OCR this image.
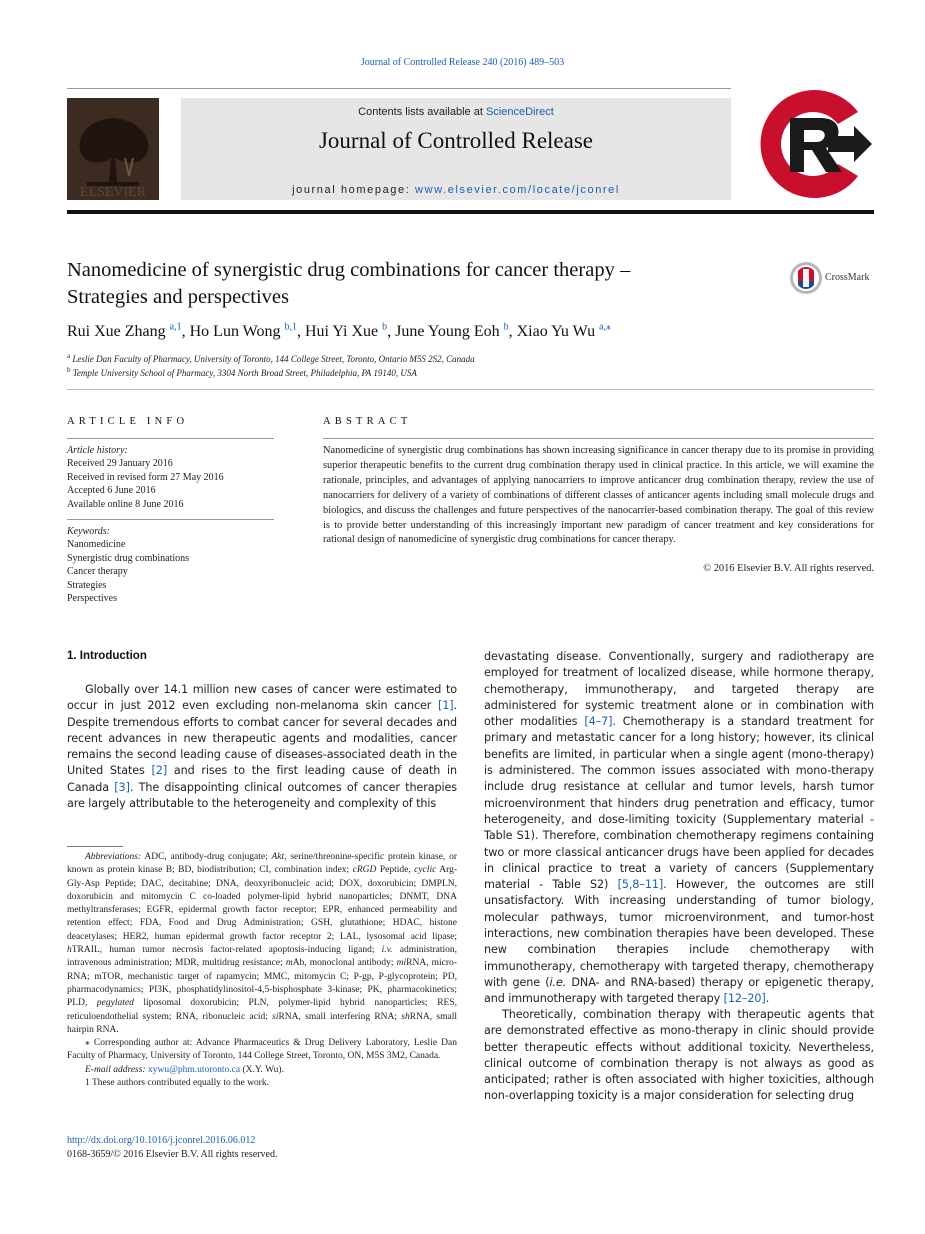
Journal of Controlled Release 240 (2016) 489–503
ELSEVIER
Contents lists available at ScienceDirect
Journal of Controlled Release
journal homepage: www.elsevier.com/locate/jconrel
Nanomedicine of synergistic drug combinations for cancer therapy –
Strategies and perspectives
CrossMark
Rui Xue Zhang $^{a,1}$, Ho Lun Wong $^{b,1}$, Hui Yi Xue $^b$, June Young Eoh $^b$, Xiao Yu Wu $^{a,⁎}$
$^a$ Leslie Dan Faculty of Pharmacy, University of Toronto, 144 College Street, Toronto, Ontario M5S 2S2, Canada
$^b$ Temple University School of Pharmacy, 3304 North Broad Street, Philadelphia, PA 19140, USA
ARTICLE INFO
Article history:
Received 29 January 2016
Received in revised form 27 May 2016
Accepted 6 June 2016
Available online 8 June 2016
Keywords:
Nanomedicine
Synergistic drug combinations
Cancer therapy
Strategies
Perspectives
ABSTRACT
Nanomedicine of synergistic drug combinations has shown increasing significance in cancer therapy due to its promise in providing superior therapeutic benefits to the current drug combination therapy used in clinical practice. In this article, we will examine the rationale, principles, and advantages of applying nanocarriers to improve anticancer drug combination therapy, review the use of nanocarriers for delivery of a variety of combinations of different classes of anticancer agents including small molecule drugs and biologics, and discuss the challenges and future perspectives of the nanocarrier-based combination therapy. The goal of this review is to provide better understanding of this increasingly important new paradigm of cancer treatment and key considerations for rational design of nanomedicine of synergistic drug combinations for cancer therapy.
© 2016 Elsevier B.V. All rights reserved.
1. Introduction
Globally over 14.1 million new cases of cancer were estimated to occur in just 2012 even excluding non-melanoma skin cancer [1]. Despite tremendous efforts to combat cancer for several decades and recent advances in new therapeutic agents and modalities, cancer remains the second leading cause of diseases-associated death in the United States [2] and rises to the first leading cause of death in Canada [3]. The disappointing clinical outcomes of cancer therapies are largely attributable to the heterogeneity and complexity of this

Abbreviations: ADC, antibody-drug conjugate; Akt, serine/threonine-specific protein kinase, or known as protein kinase B; BD, biodistribution; CI, combination index; cRGD Peptide, cyclic Arg-Gly-Asp Peptide; DAC, decitabine; DNA, deoxyribonucleic acid; DOX, doxorubicin; DMPLN, doxorubicin and mitomycin C co-loaded polymer-lipid hybrid nanoparticles; DNMT, DNA methyltransferases; EGFR, epidermal growth factor receptor; EPR, enhanced permeability and retention effect; FDA, Food and Drug Administration; GSH, glutathione; HDAC, histone deacetylases; HER2, human epidermal growth factor receptor 2; LAL, lysosomal acid lipase; hTRAIL, human tumor necrosis factor-related apoptosis-inducing ligand; i.v. administration, intravenous administration; MDR, multidrug resistance; mAb, monoclonal antibody; miRNA, micro-RNA; mTOR, mechanistic target of rapamycin; MMC, mitomycin C; P-gp, P-glycoprotein; PD, pharmacodynamics; PI3K, phosphatidylinositol-4,5-bisphosphate 3-kinase; PK, pharmacokinetics; PLD, pegylated liposomal doxorubicin; PLN, polymer-lipid hybrid nanoparticles; RES, reticuloendothelial system; RNA, ribonucleic acid; siRNA, small interfering RNA; shRNA, small hairpin RNA.

⁎ Corresponding author at: Advance Pharmaceutics & Drug Delivery Laboratory, Leslie Dan Faculty of Pharmacy, University of Toronto, 144 College Street, Toronto, ON, M5S 3M2, Canada.

E-mail address: xywu@phm.utoronto.ca (X.Y. Wu).

1 These authors contributed equally to the work.

devastating disease. Conventionally, surgery and radiotherapy are employed for treatment of localized disease, while hormone therapy, chemotherapy, immunotherapy, and targeted therapy are administered for systemic treatment alone or in combination with other modalities [4–7]. Chemotherapy is a standard treatment for primary and metastatic cancer for a long history; however, its clinical benefits are limited, in particular when a single agent (mono-therapy) is administered. The common issues associated with mono-therapy include drug resistance at cellular and tumor levels, harsh tumor microenvironment that hinders drug penetration and efficacy, tumor heterogeneity, and dose-limiting toxicity (Supplementary material - Table S1). Therefore, combination chemotherapy regimens containing two or more classical anticancer drugs have been applied for decades in clinical practice to treat a variety of cancers (Supplementary material - Table S2) [5,8–11]. However, the outcomes are still unsatisfactory. With increasing understanding of tumor biology, molecular pathways, tumor microenvironment, and tumor-host interactions, new combination therapies have been developed. These new combination therapies include chemotherapy with immunotherapy, chemotherapy with targeted therapy, chemotherapy with gene (i.e. DNA- and RNA-based) therapy or epigenetic therapy, and immunotherapy with targeted therapy [12–20].
Theoretically, combination therapy with therapeutic agents that are demonstrated effective as mono-therapy in clinic should provide better therapeutic effects without additional toxicity. Nevertheless, clinical outcome of combination therapy is not always as good as anticipated; rather is often associated with higher toxicities, although non-overlapping toxicity is a major consideration for selecting drug
http://dx.doi.org/10.1016/j.jconrel.2016.06.012
0168-3659/© 2016 Elsevier B.V. All rights reserved.
